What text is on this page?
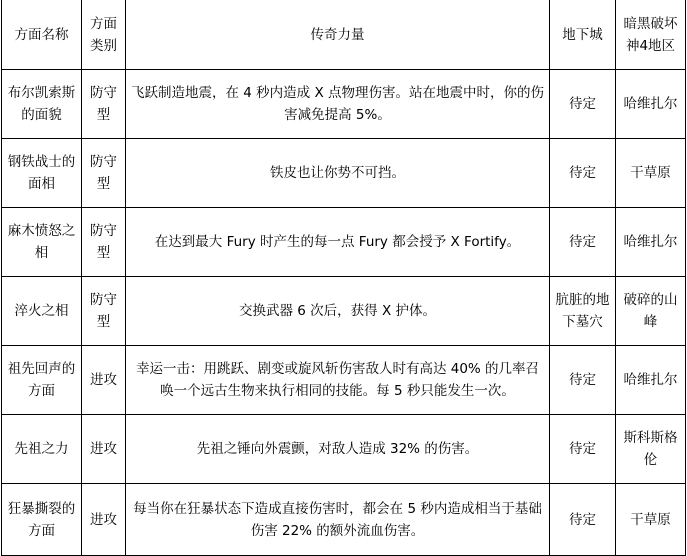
方面名称	方面类别	传奇力量	地下城	暗黑破坏神4地区
布尔凯索斯的面貌	防守型	飞跃制造地震，在 4 秒内造成 X 点物理伤害。站在地震中时，你的伤害减免提高 5%。	待定	哈维扎尔
钢铁战士的面相	防守型	铁皮也让你势不可挡。	待定	干草原
麻木愤怒之相	防守型	在达到最大 Fury 时产生的每一点 Fury 都会授予 X Fortify。	待定	哈维扎尔
淬火之相	防守型	交换武器 6 次后，获得 X 护体。	肮脏的地下墓穴	破碎的山峰
祖先回声的方面	进攻	幸运一击：用跳跃、剧变或旋风斩伤害敌人时有高达 40% 的几率召唤一个远古生物来执行相同的技能。每 5 秒只能发生一次。	待定	哈维扎尔
先祖之力	进攻	先祖之锤向外震颤，对敌人造成 32% 的伤害。	待定	斯科斯格伦
狂暴撕裂的方面	进攻	每当你在狂暴状态下造成直接伤害时，都会在 5 秒内造成相当于基础伤害 22% 的额外流血伤害。	待定	干草原
